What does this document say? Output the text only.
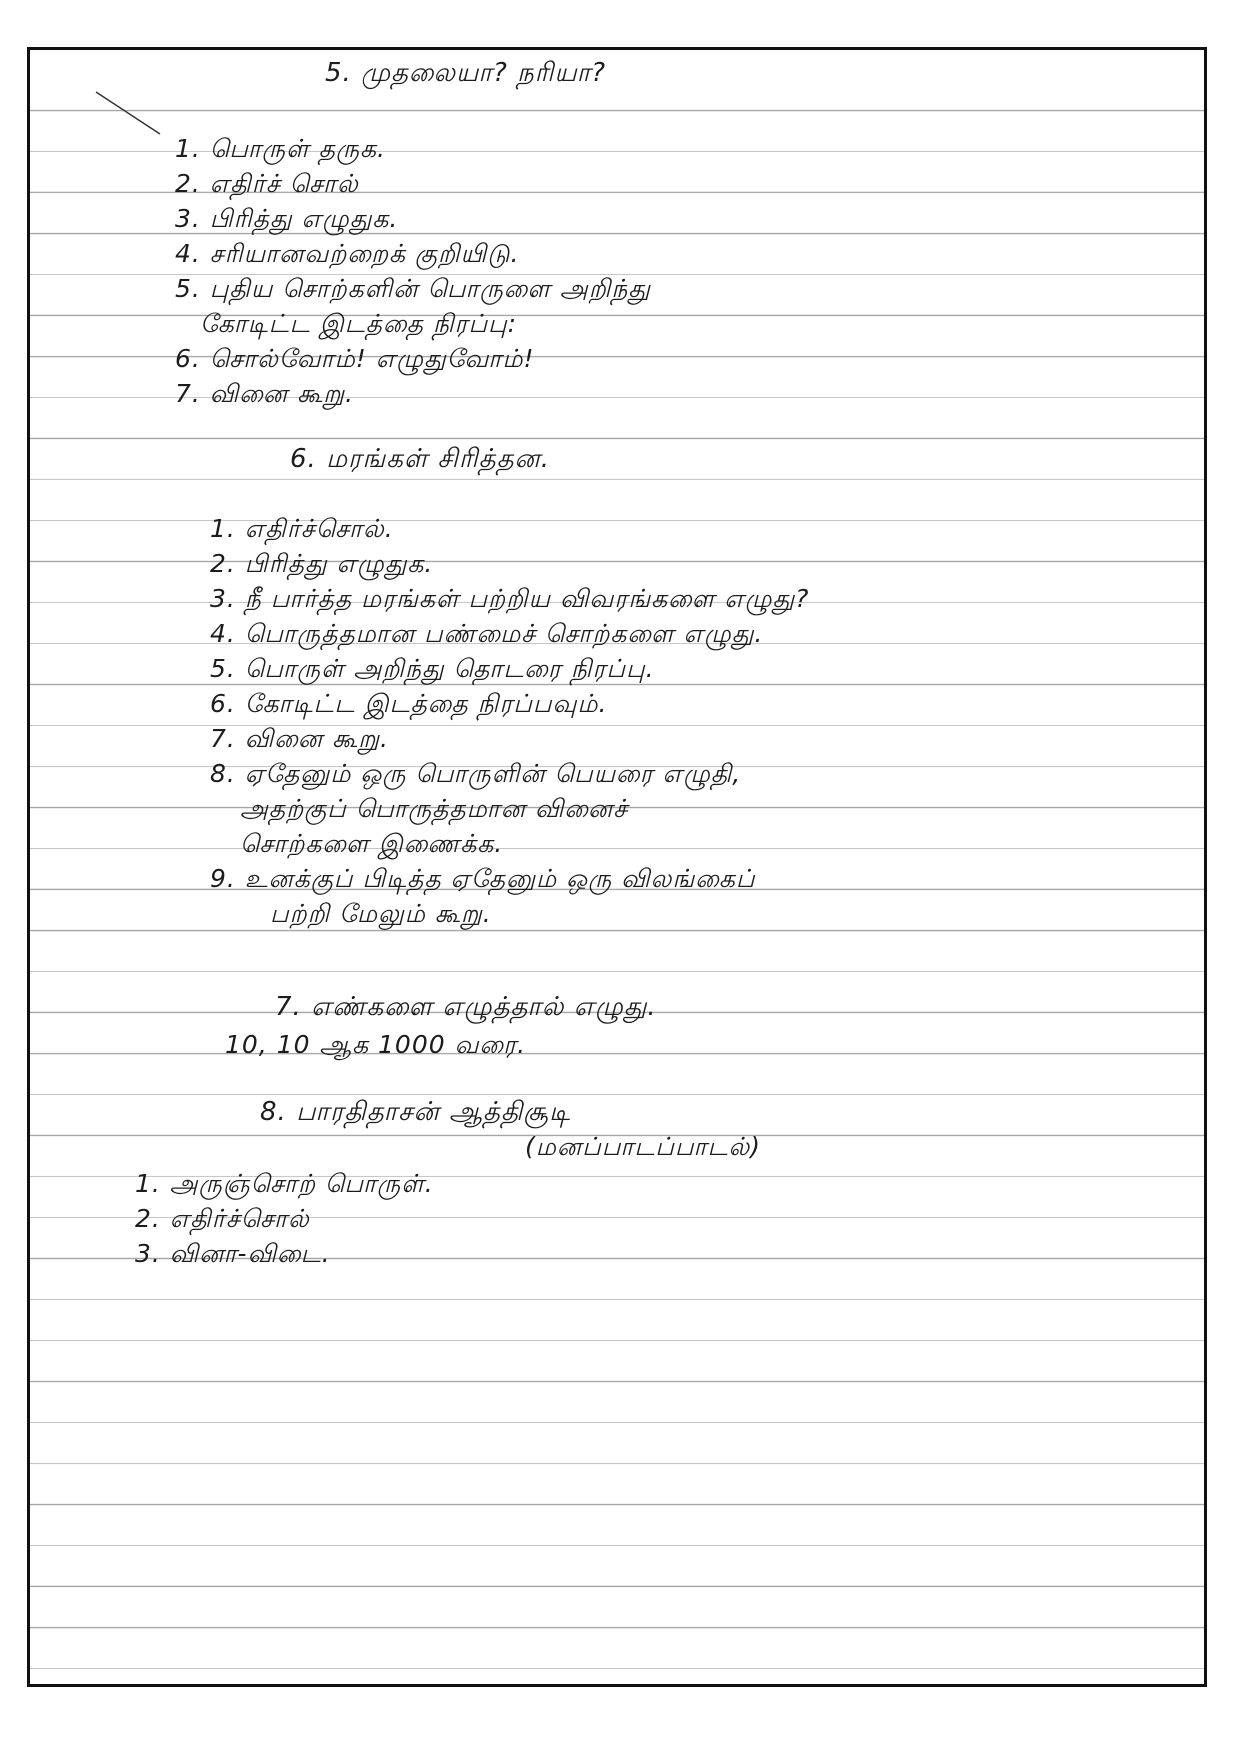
5. முதலையா? நரியா?

1. பொருள் தருக.

2. எதிர்ச் சொல்

3. பிரித்து எழுதுக.

4. சரியானவற்றைக் குறியிடு.

5. புதிய சொற்களின் பொருளை அறிந்து

கோடிட்ட இடத்தை நிரப்பு:

6. சொல்வோம்! எழுதுவோம்!

7. வினை கூறு.

6. மரங்கள் சிரித்தன.

1. எதிர்ச்சொல்.

2. பிரித்து எழுதுக.

3. நீ பார்த்த மரங்கள் பற்றிய விவரங்களை எழுது?

4. பொருத்தமான பண்மைச் சொற்களை எழுது.

5. பொருள் அறிந்து தொடரை நிரப்பு.

6. கோடிட்ட இடத்தை நிரப்பவும்.

7. வினை கூறு.

8. ஏதேனும் ஒரு பொருளின் பெயரை எழுதி,

அதற்குப் பொருத்தமான வினைச்

சொற்களை இணைக்க.

9. உனக்குப் பிடித்த ஏதேனும் ஒரு விலங்கைப்

பற்றி மேலும் கூறு.

7. எண்களை எழுத்தால் எழுது.

10, 10 ஆக 1000 வரை.

8. பாரதிதாசன் ஆத்திசூடி

(மனப்பாடப்பாடல்)

1. அருஞ்சொற் பொருள்.

2. எதிர்ச்சொல்

3. வினா-விடை.
